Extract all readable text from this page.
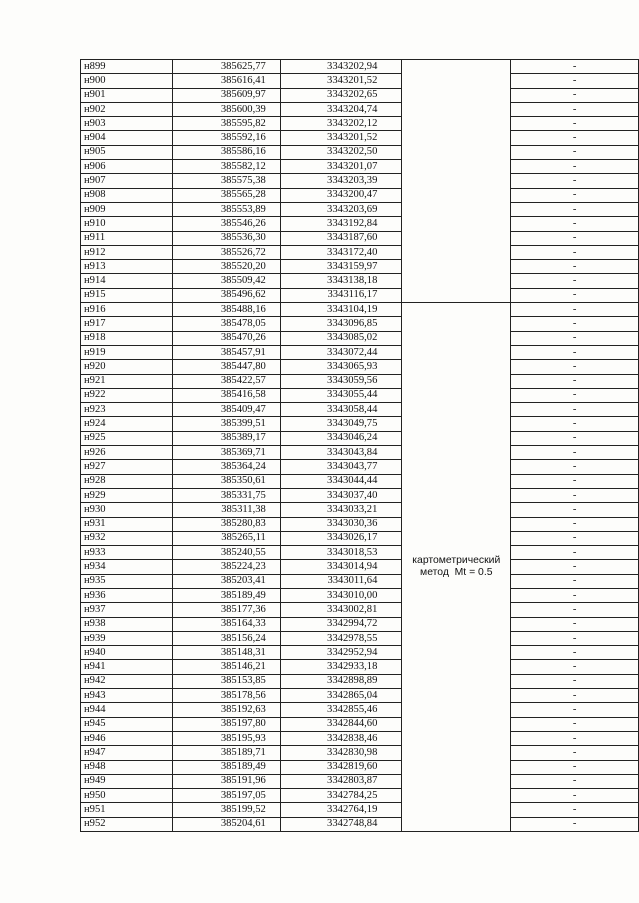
н899	385625,77	3343202,94		-
н900	385616,41	3343201,52		-
н901	385609,97	3343202,65		-
н902	385600,39	3343204,74		-
н903	385595,82	3343202,12		-
н904	385592,16	3343201,52		-
н905	385586,16	3343202,50		-
н906	385582,12	3343201,07		-
н907	385575,38	3343203,39		-
н908	385565,28	3343200,47		-
н909	385553,89	3343203,69		-
н910	385546,26	3343192,84		-
н911	385536,30	3343187,60		-
н912	385526,72	3343172,40		-
н913	385520,20	3343159,97		-
н914	385509,42	3343138,18		-
н915	385496,62	3343116,17		-
н916	385488,16	3343104,19	картометрический
метод  Mt = 0.5	-
н917	385478,05	3343096,85		-
н918	385470,26	3343085,02		-
н919	385457,91	3343072,44		-
н920	385447,80	3343065,93		-
н921	385422,57	3343059,56		-
н922	385416,58	3343055,44		-
н923	385409,47	3343058,44		-
н924	385399,51	3343049,75		-
н925	385389,17	3343046,24		-
н926	385369,71	3343043,84		-
н927	385364,24	3343043,77		-
н928	385350,61	3343044,44		-
н929	385331,75	3343037,40		-
н930	385311,38	3343033,21		-
н931	385280,83	3343030,36		-
н932	385265,11	3343026,17		-
н933	385240,55	3343018,53		-
н934	385224,23	3343014,94		-
н935	385203,41	3343011,64		-
н936	385189,49	3343010,00		-
н937	385177,36	3343002,81		-
н938	385164,33	3342994,72		-
н939	385156,24	3342978,55		-
н940	385148,31	3342952,94		-
н941	385146,21	3342933,18		-
н942	385153,85	3342898,89		-
н943	385178,56	3342865,04		-
н944	385192,63	3342855,46		-
н945	385197,80	3342844,60		-
н946	385195,93	3342838,46		-
н947	385189,71	3342830,98		-
н948	385189,49	3342819,60		-
н949	385191,96	3342803,87		-
н950	385197,05	3342784,25		-
н951	385199,52	3342764,19		-
н952	385204,61	3342748,84		-
